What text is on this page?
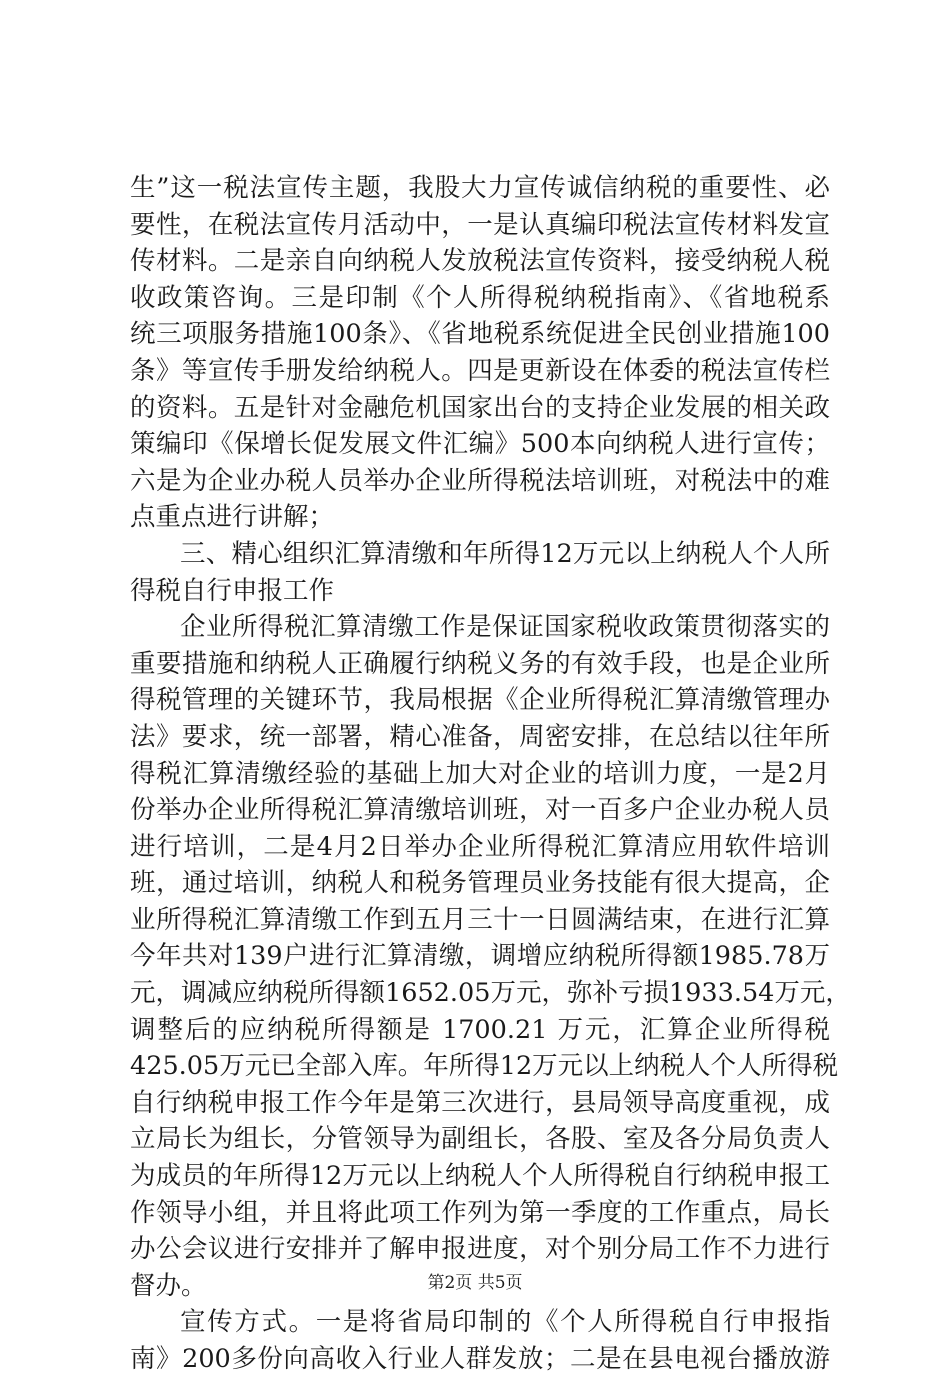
生”这一税法宣传主题，我股大力宣传诚信纳税的重要性、必
要性，在税法宣传月活动中，一是认真编印税法宣传材料发宣
传材料。二是亲自向纳税人发放税法宣传资料，接受纳税人税
收政策咨询。三是印制《个人所得税纳税指南》、《省地税系
统三项服务措施100条》、《省地税系统促进全民创业措施100
条》等宣传手册发给纳税人。四是更新设在体委的税法宣传栏
的资料。五是针对金融危机国家出台的支持企业发展的相关政
策编印《保增长促发展文件汇编》500本向纳税人进行宣传；
六是为企业办税人员举办企业所得税法培训班，对税法中的难
点重点进行讲解；
三、精心组织汇算清缴和年所得12万元以上纳税人个人所
得税自行申报工作
企业所得税汇算清缴工作是保证国家税收政策贯彻落实的
重要措施和纳税人正确履行纳税义务的有效手段，也是企业所
得税管理的关键环节，我局根据《企业所得税汇算清缴管理办
法》要求，统一部署，精心准备，周密安排，在总结以往年所
得税汇算清缴经验的基础上加大对企业的培训力度，一是2月
份举办企业所得税汇算清缴培训班，对一百多户企业办税人员
进行培训，二是4月2日举办企业所得税汇算清应用软件培训
班，通过培训，纳税人和税务管理员业务技能有很大提高，企
业所得税汇算清缴工作到五月三十一日圆满结束，在进行汇算
今年共对139户进行汇算清缴，调增应纳税所得额1985.78万
元，调减应纳税所得额1652.05万元，弥补亏损1933.54万元，
调整后的应纳税所得额是 1700.21 万元，汇算企业所得税
425.05万元已全部入库。年所得12万元以上纳税人个人所得税
自行纳税申报工作今年是第三次进行，县局领导高度重视，成
立局长为组长，分管领导为副组长，各股、室及各分局负责人
为成员的年所得12万元以上纳税人个人所得税自行纳税申报工
作领导小组，并且将此项工作列为第一季度的工作重点，局长
办公会议进行安排并了解申报进度，对个别分局工作不力进行
督办。
宣传方式。一是将省局印制的《个人所得税自行申报指
南》200多份向高收入行业人群发放；二是在县电视台播放游
第2页 共5页
